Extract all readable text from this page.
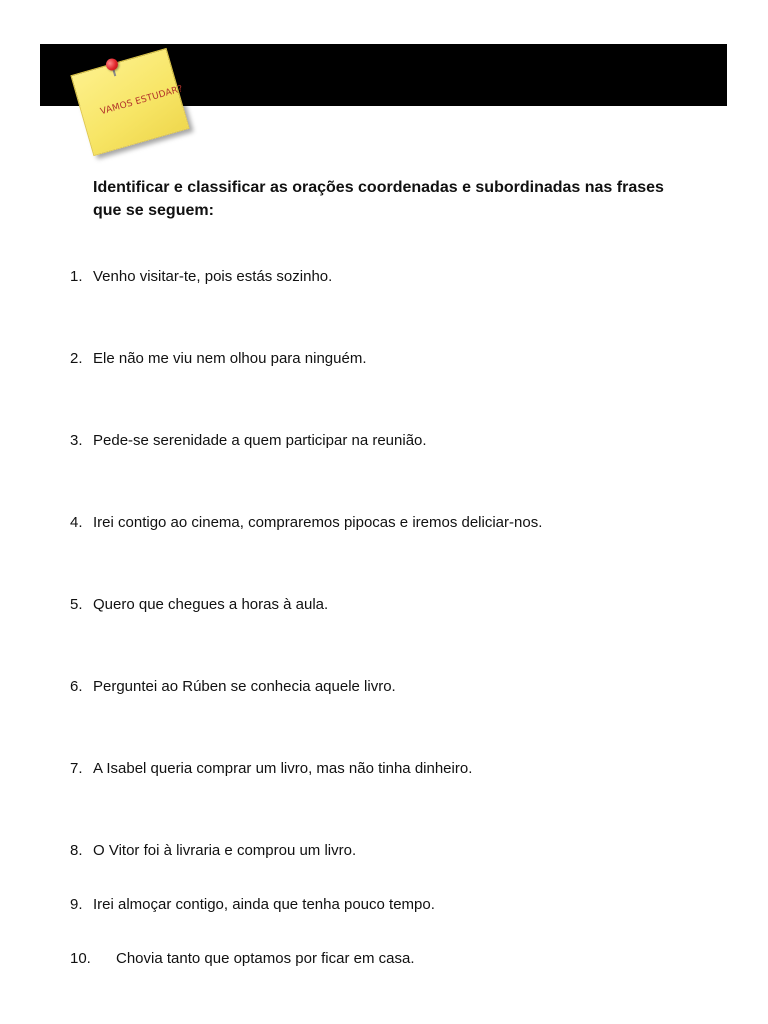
VAMOS ESTUDAR?

Identificar e classificar as orações coordenadas e subordinadas nas frases que se seguem:

1. Venho visitar-te, pois estás sozinho.
2. Ele não me viu nem olhou para ninguém.
3. Pede-se serenidade a quem participar na reunião.
4. Irei contigo ao cinema, compraremos pipocas e iremos deliciar-nos.
5. Quero que chegues a horas à aula.
6. Perguntei ao Rúben se conhecia aquele livro.
7. A Isabel queria comprar um livro, mas não tinha dinheiro.
8. O Vitor foi à livraria e comprou um livro.
9. Irei almoçar contigo, ainda que tenha pouco tempo.
10. Chovia tanto que optamos por ficar em casa.
